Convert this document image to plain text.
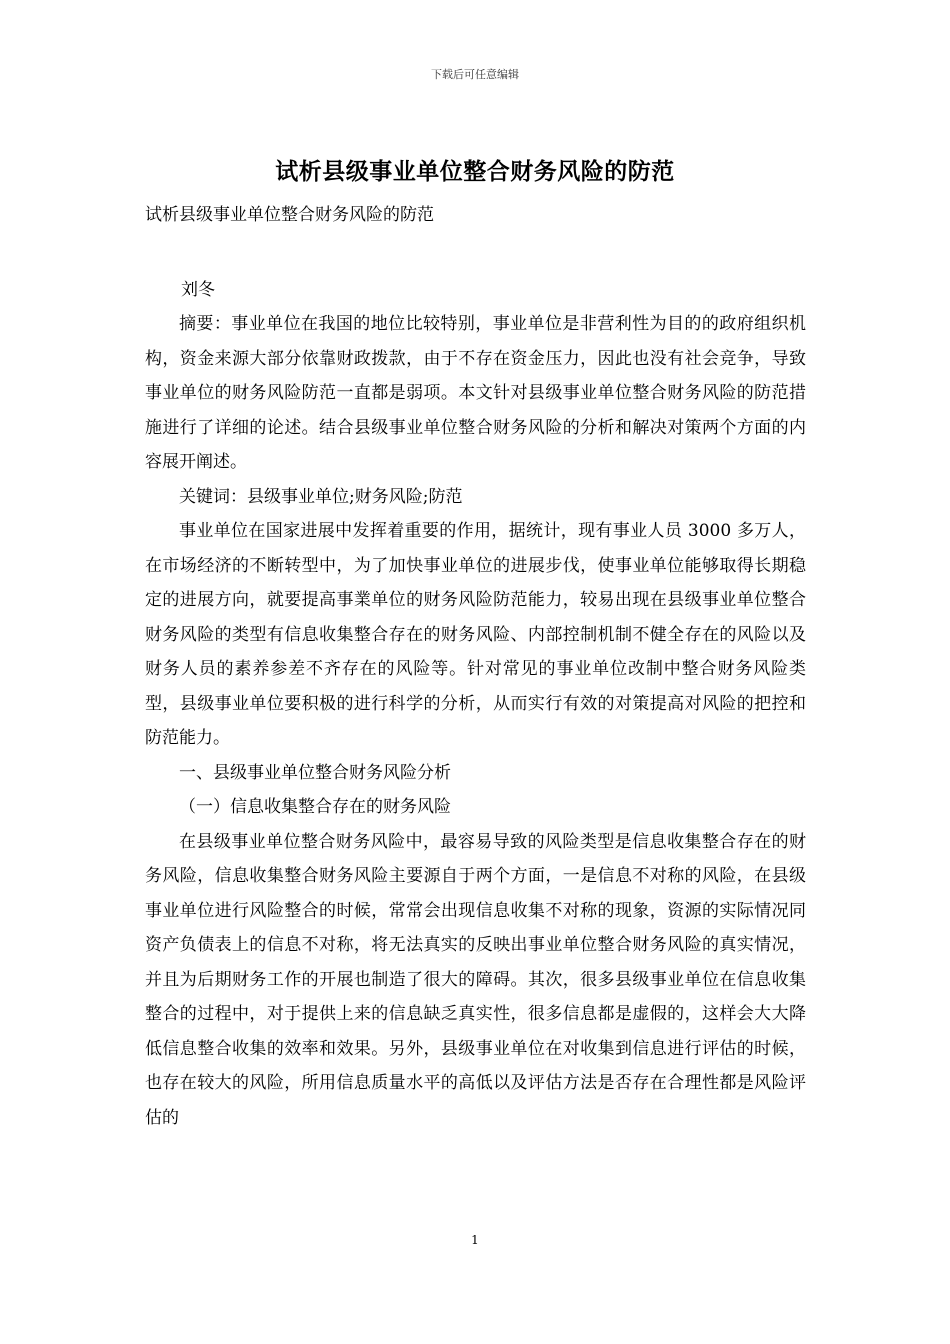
下载后可任意编辑
试析县级事业单位整合财务风险的防范
试析县级事业单位整合财务风险的防范
刘冬

摘要：事业单位在我国的地位比较特别，事业单位是非营利性为目的的政府组织机构，资金来源大部分依靠财政拨款，由于不存在资金压力，因此也没有社会竞争，导致事业单位的财务风险防范一直都是弱项。本文针对县级事业单位整合财务风险的防范措施进行了详细的论述。结合县级事业单位整合财务风险的分析和解决对策两个方面的内容展开阐述。

关键词：县级事业单位;财务风险;防范

事业单位在国家进展中发挥着重要的作用，据统计，现有事业人员 3000 多万人，在市场经济的不断转型中，为了加快事业单位的进展步伐，使事业单位能够取得长期稳定的进展方向，就要提高事業单位的财务风险防范能力，较易出现在县级事业单位整合财务风险的类型有信息收集整合存在的财务风险、内部控制机制不健全存在的风险以及财务人员的素养参差不齐存在的风险等。针对常见的事业单位改制中整合财务风险类型，县级事业单位要积极的进行科学的分析，从而实行有效的对策提高对风险的把控和防范能力。

一、县级事业单位整合财务风险分析

（一）信息收集整合存在的财务风险

在县级事业单位整合财务风险中，最容易导致的风险类型是信息收集整合存在的财务风险，信息收集整合财务风险主要源自于两个方面，一是信息不对称的风险，在县级事业单位进行风险整合的时候，常常会出现信息收集不对称的现象，资源的实际情况同资产负债表上的信息不对称，将无法真实的反映出事业单位整合财务风险的真实情况，并且为后期财务工作的开展也制造了很大的障碍。其次，很多县级事业单位在信息收集整合的过程中，对于提供上来的信息缺乏真实性，很多信息都是虚假的，这样会大大降低信息整合收集的效率和效果。另外，县级事业单位在对收集到信息进行评估的时候，也存在较大的风险，所用信息质量水平的高低以及评估方法是否存在合理性都是风险评估的

1
